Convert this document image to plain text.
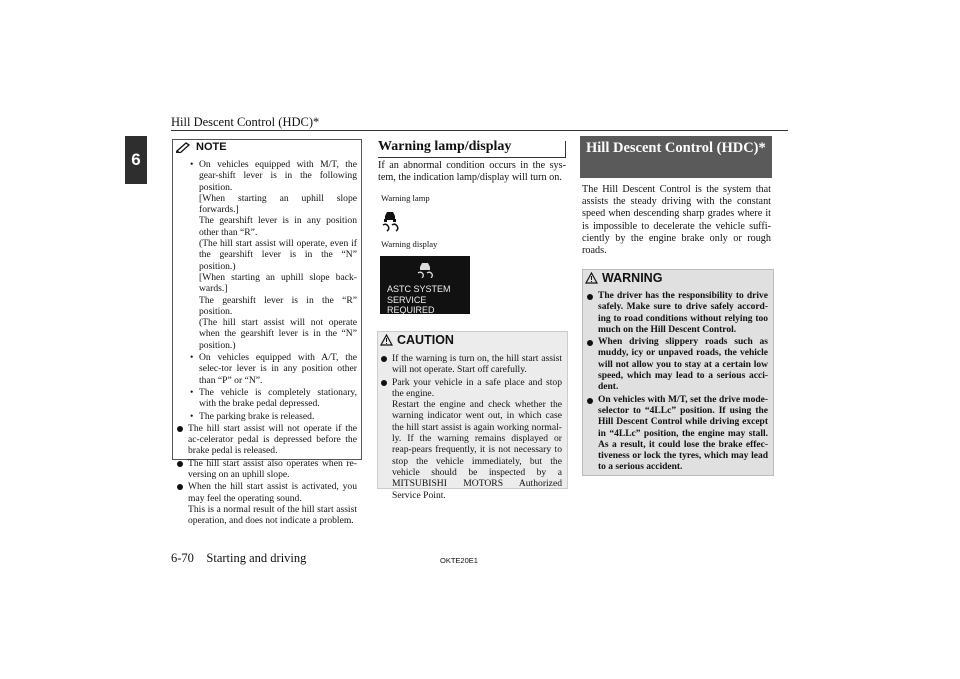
Hill Descent Control (HDC)*
6
NOTE
• On vehicles equipped with M/T, the gear-shift lever is in the following position.
[When starting an uphill slope forwards.]
The gearshift lever is in any position other than “R”.
(The hill start assist will operate, even if the gearshift lever is in the “N” position.)
[When starting an uphill slope back-wards.]
The gearshift lever is in the “R” position.
(The hill start assist will not operate when the gearshift lever is in the “N” position.)
• On vehicles equipped with A/T, the selec-tor lever is in any position other than “P” or “N”.
• The vehicle is completely stationary, with the brake pedal depressed.
• The parking brake is released.
The hill start assist will not operate if the ac-celerator pedal is depressed before the brake pedal is released.
The hill start assist also operates when re-versing on an uphill slope.
When the hill start assist is activated, you may feel the operating sound.
This is a normal result of the hill start assist operation, and does not indicate a problem.
Warning lamp/display
If an abnormal condition occurs in the sys-tem, the indication lamp/display will turn on.
Warning lamp
Warning display
ASTC SYSTEM
SERVICE REQUIRED
CAUTION
If the warning is turn on, the hill start assist will not operate. Start off carefully.
Park your vehicle in a safe place and stop the engine.
Restart the engine and check whether the warning indicator went out, in which case the hill start assist is again working normal-ly. If the warning remains displayed or reap-pears frequently, it is not necessary to stop the vehicle immediately, but the vehicle should be inspected by a MITSUBISHI MOTORS Authorized Service Point.
Hill Descent Control (HDC)*
The Hill Descent Control is the system that assists the steady driving with the constant speed when descending sharp grades where it is impossible to decelerate the vehicle suffi-ciently by the engine brake only or rough roads.
WARNING
The driver has the responsibility to drive safely. Make sure to drive safely accord-ing to road conditions without relying too much on the Hill Descent Control.
When driving slippery roads such as muddy, icy or unpaved roads, the vehicle will not allow you to stay at a certain low speed, which may lead to a serious acci-dent.
On vehicles with M/T, set the drive mode-selector to “4LLc” position. If using the Hill Descent Control while driving except in “4LLc” position, the engine may stall. As a result, it could lose the brake effec-tiveness or lock the tyres, which may lead to a serious accident.
6-70 Starting and driving	OKTE20E1
